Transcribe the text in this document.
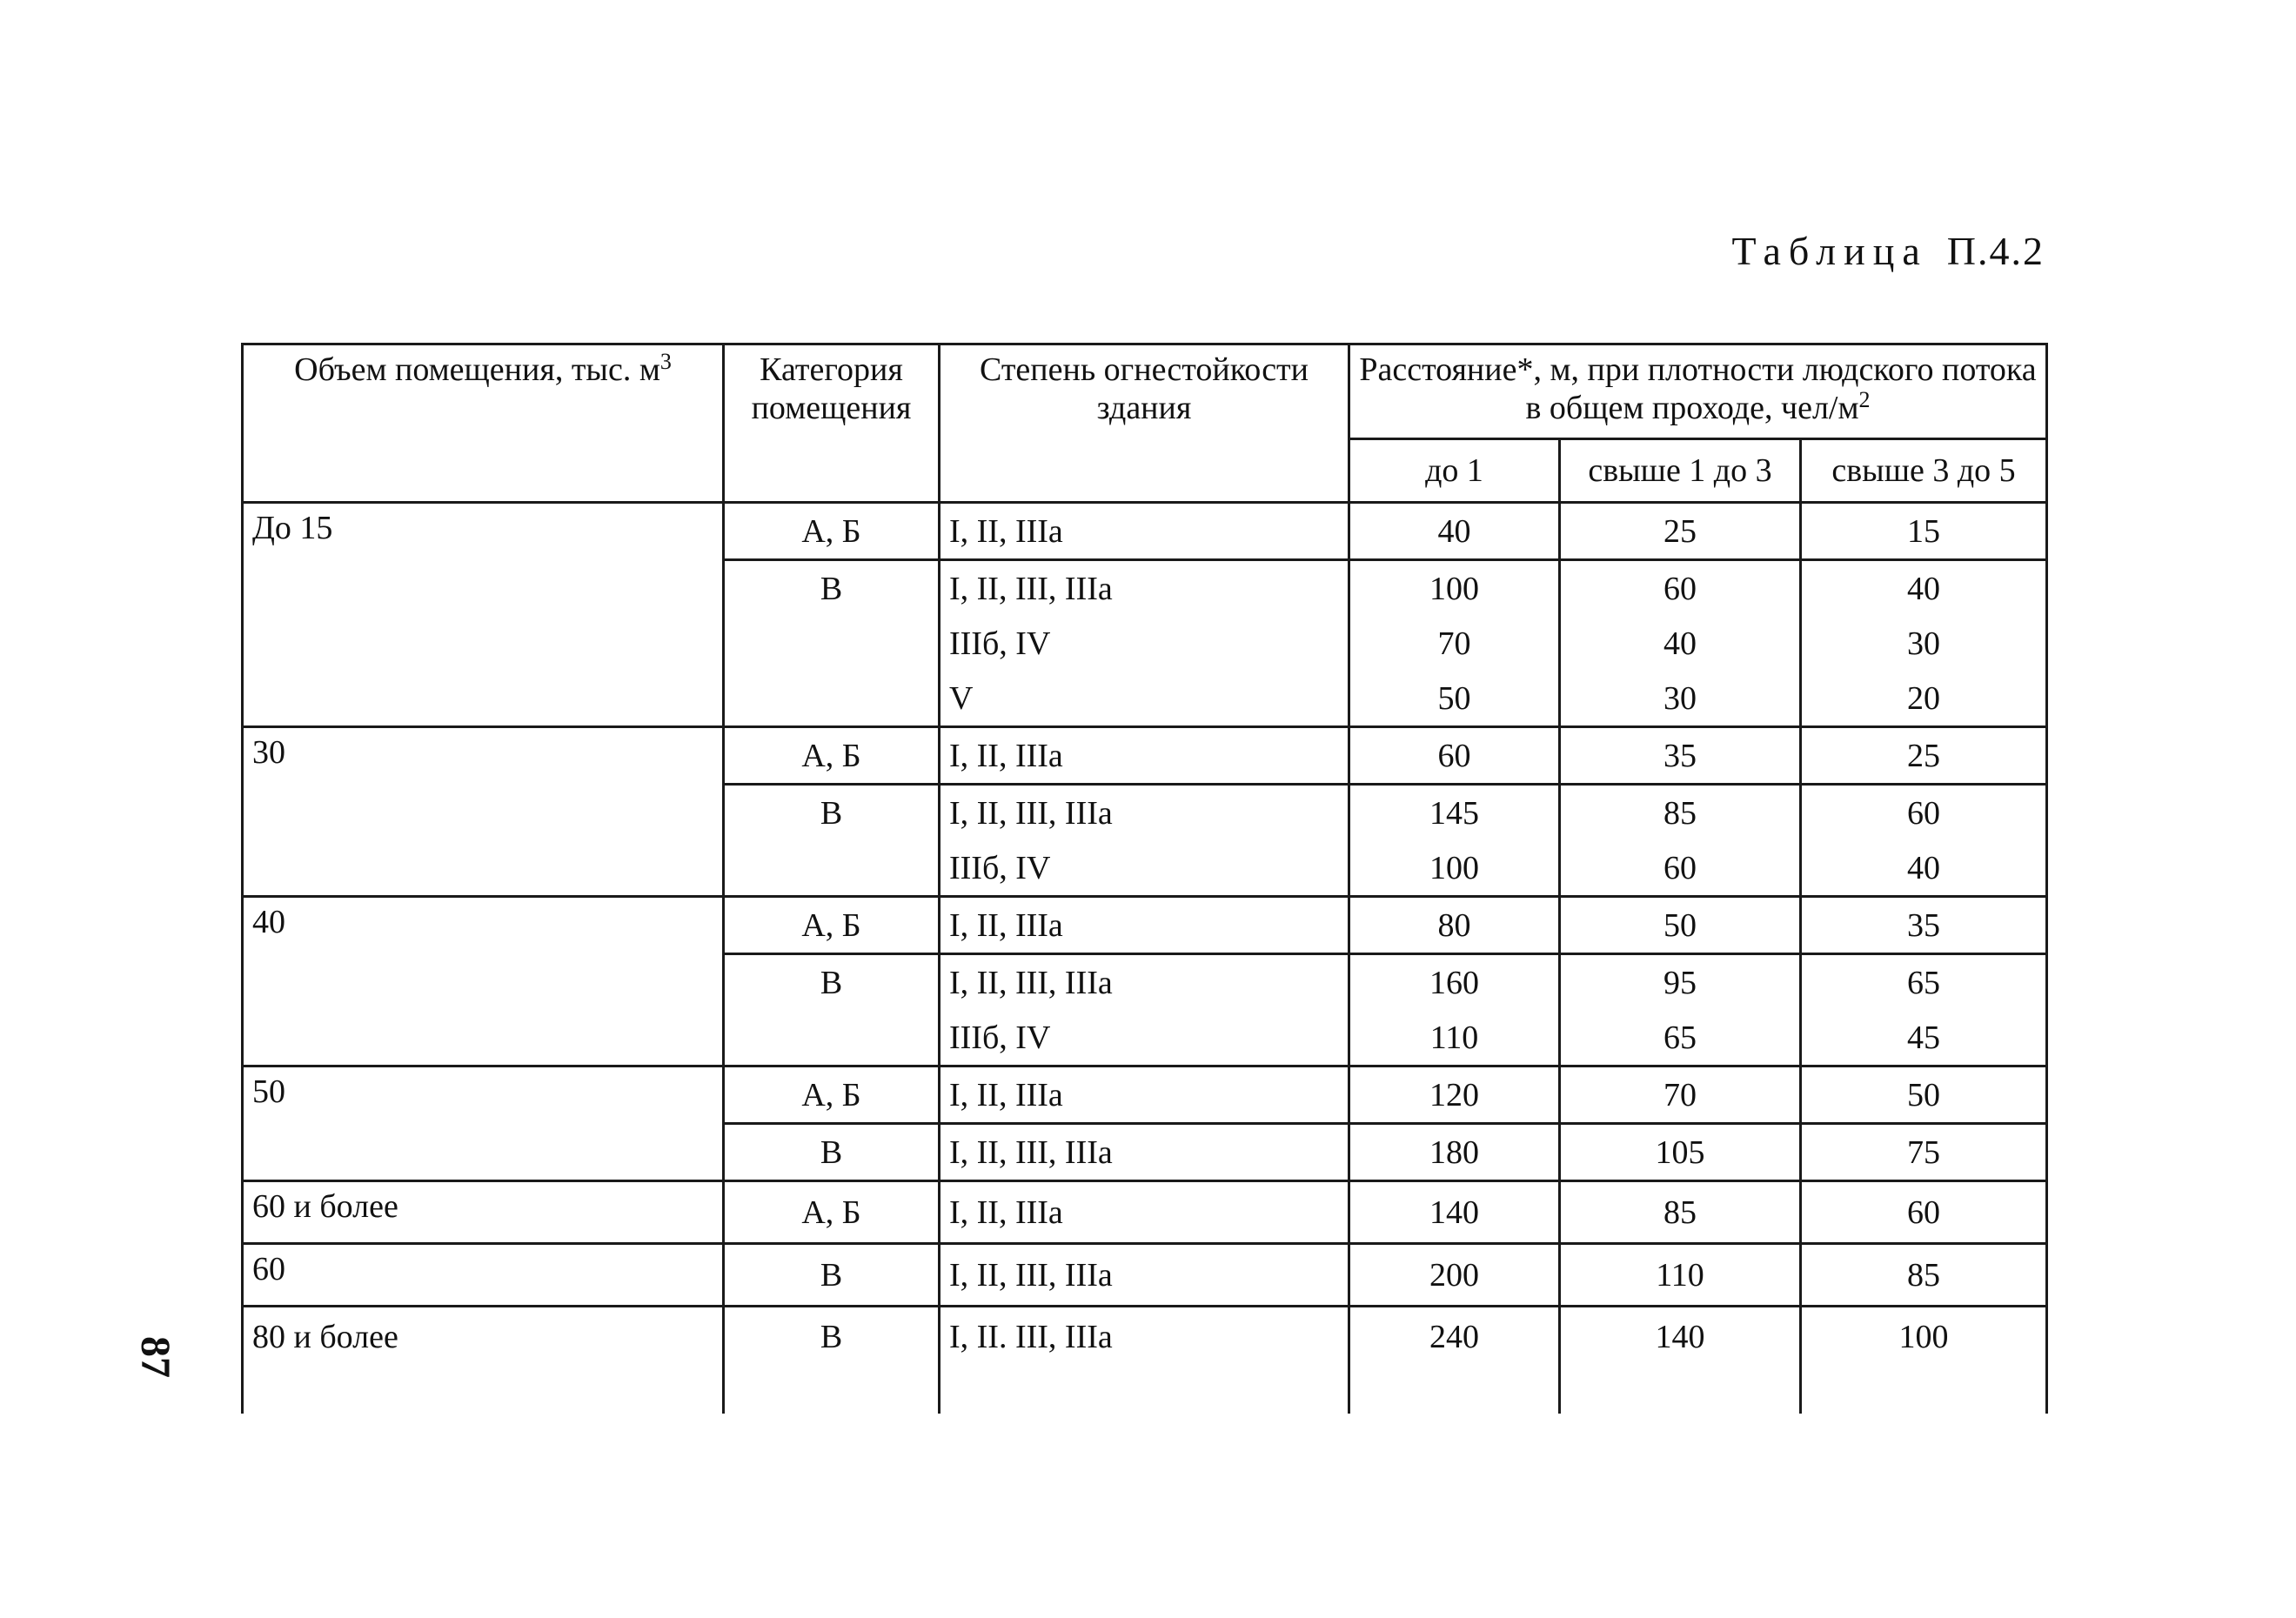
Таблица П.4.2
87
Объем помещения, тыс. $м^3$	Категория помещения	Степень огнестойкости здания	Расстояние*, м, при плотности людского потока в общем проходе, чел/$м^2$
			до 1	свыше 1 до 3	свыше 3 до 5
До 15	А, Б	I, II, IIIа	40	25	15
	В	I, II, III, IIIа	100	60	40
		IIIб, IV	70	40	30
		V	50	30	20
30	А, Б	I, II, IIIа	60	35	25
	В	I, II, III, IIIа	145	85	60
		IIIб, IV	100	60	40
40	А, Б	I, II, IIIа	80	50	35
	В	I, II, III, IIIа	160	95	65
		IIIб, IV	110	65	45
50	А, Б	I, II, IIIа	120	70	50
	В	I, II, III, IIIа	180	105	75
60 и более	А, Б	I, II, IIIа	140	85	60
60	В	I, II, III, IIIа	200	110	85
80 и более	В	I, II. III, IIIа	240	140	100
